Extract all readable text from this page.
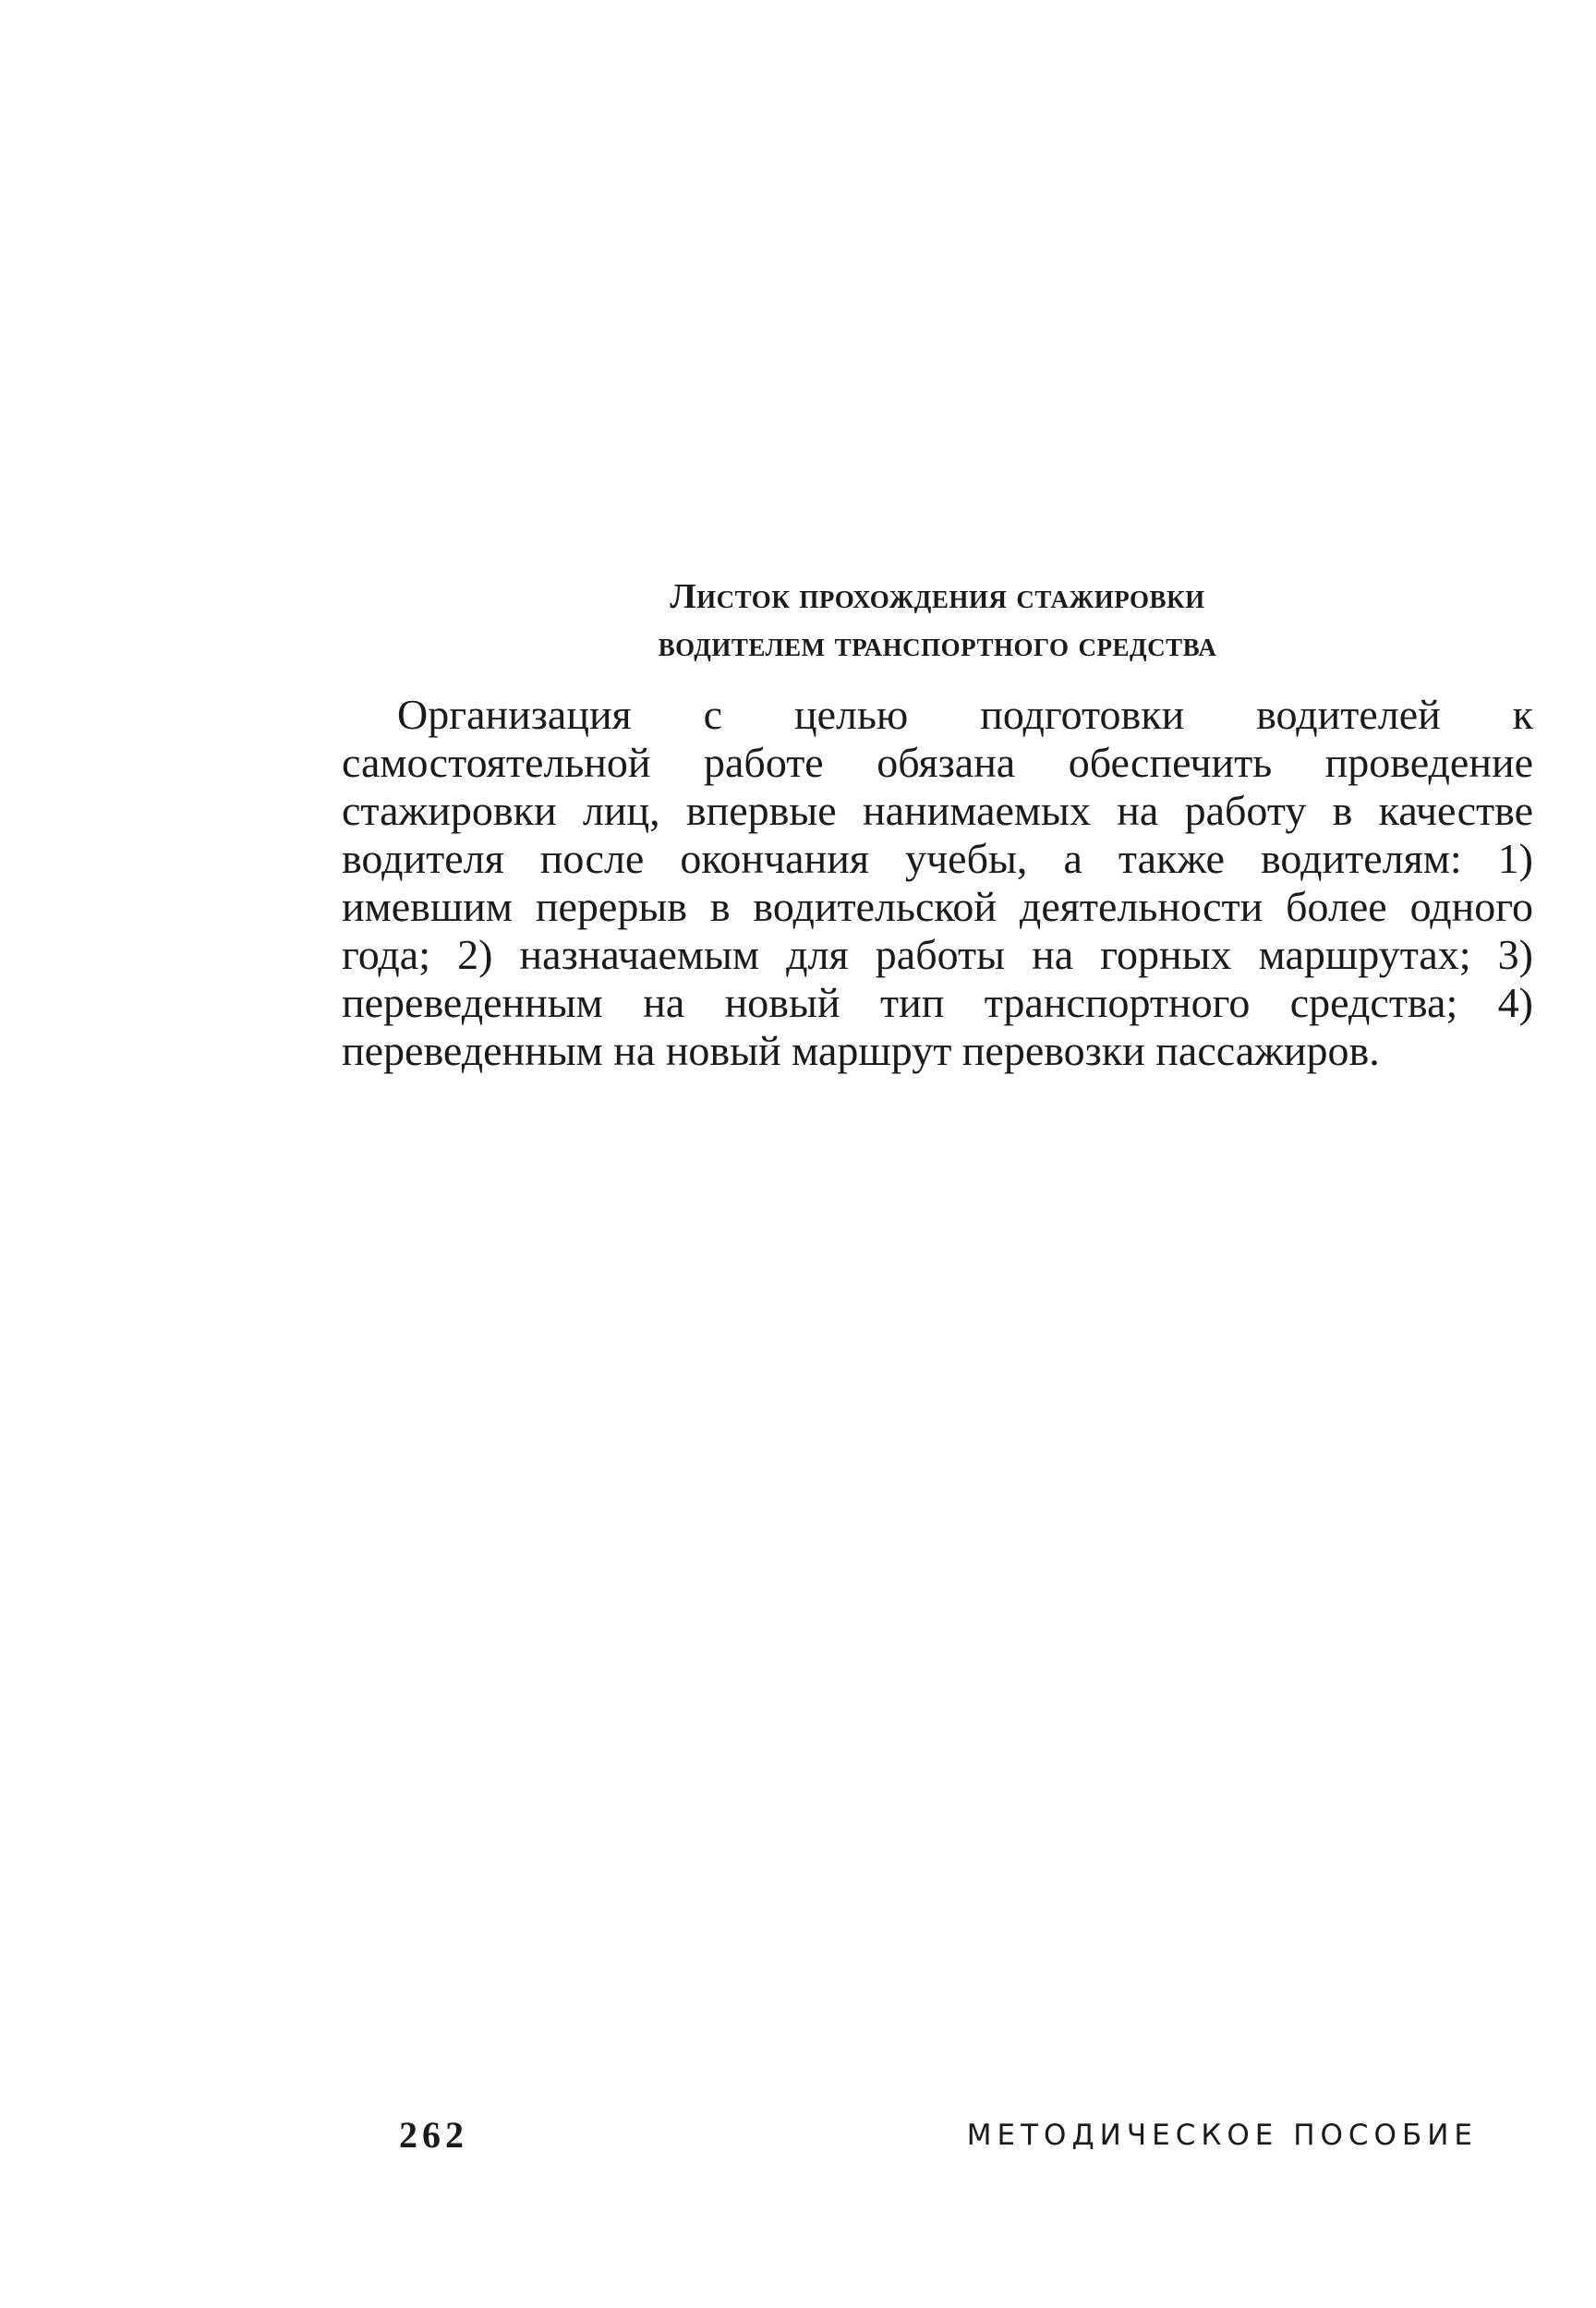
Листок прохождения стажировки
водителем транспортного средства

Организация с целью подготовки водителей к самостоятельной работе обязана обеспечить проведение стажировки лиц, впервые нанимаемых на работу в качестве водителя после окончания учебы, а также водителям: 1) имевшим перерыв в водительской деятельности более одного года; 2) назначаемым для работы на горных маршрутах; 3) переведенным на новый тип транспортного средства; 4) переведенным на новый маршрут перевозки пассажиров.

262	МЕТОДИЧЕСКОЕ ПОСОБИЕ
